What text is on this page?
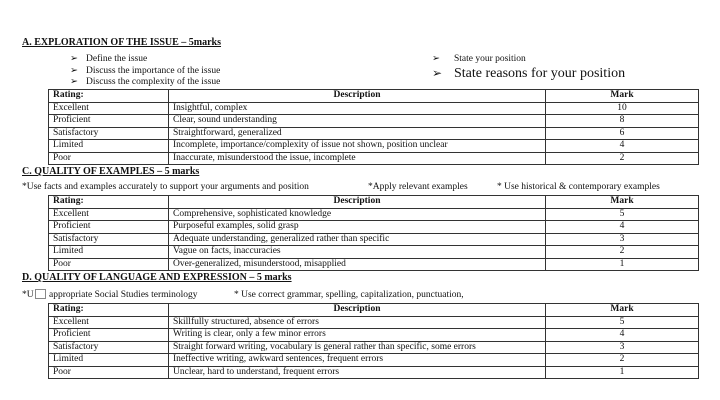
A. EXPLORATION OF THE ISSUE – 5marks
➢ Define the issue
➢ Discuss the importance of the issue
➢ Discuss the complexity of the issue
➢ State your position
➢ State reasons for your position
Rating:	Description	Mark
Excellent	Insightful, complex	10
Proficient	Clear, sound understanding	8
Satisfactory	Straightforward, generalized	6
Limited	Incomplete, importance/complexity of issue not shown, position unclear	4
Poor	Inaccurate, misunderstood the issue, incomplete	2
C. QUALITY OF EXAMPLES – 5 marks
*Use facts and examples accurately to support your arguments and position	*Apply relevant examples	* Use historical & contemporary examples
Rating:	Description	Mark
Excellent	Comprehensive, sophisticated knowledge	5
Proficient	Purposeful examples, solid grasp	4
Satisfactory	Adequate understanding, generalized rather than specific	3
Limited	Vague on facts, inaccuracies	2
Poor	Over-generalized, misunderstood, misapplied	1
D. QUALITY OF LANGUAGE AND EXPRESSION – 5 marks
*U appropriate Social Studies terminology	* Use correct grammar, spelling, capitalization, punctuation,
Rating:	Description	Mark
Excellent	Skillfully structured, absence of errors	5
Proficient	Writing is clear, only a few minor errors	4
Satisfactory	Straight forward writing, vocabulary is general rather than specific, some errors	3
Limited	Ineffective writing, awkward sentences, frequent errors	2
Poor	Unclear, hard to understand, frequent errors	1
